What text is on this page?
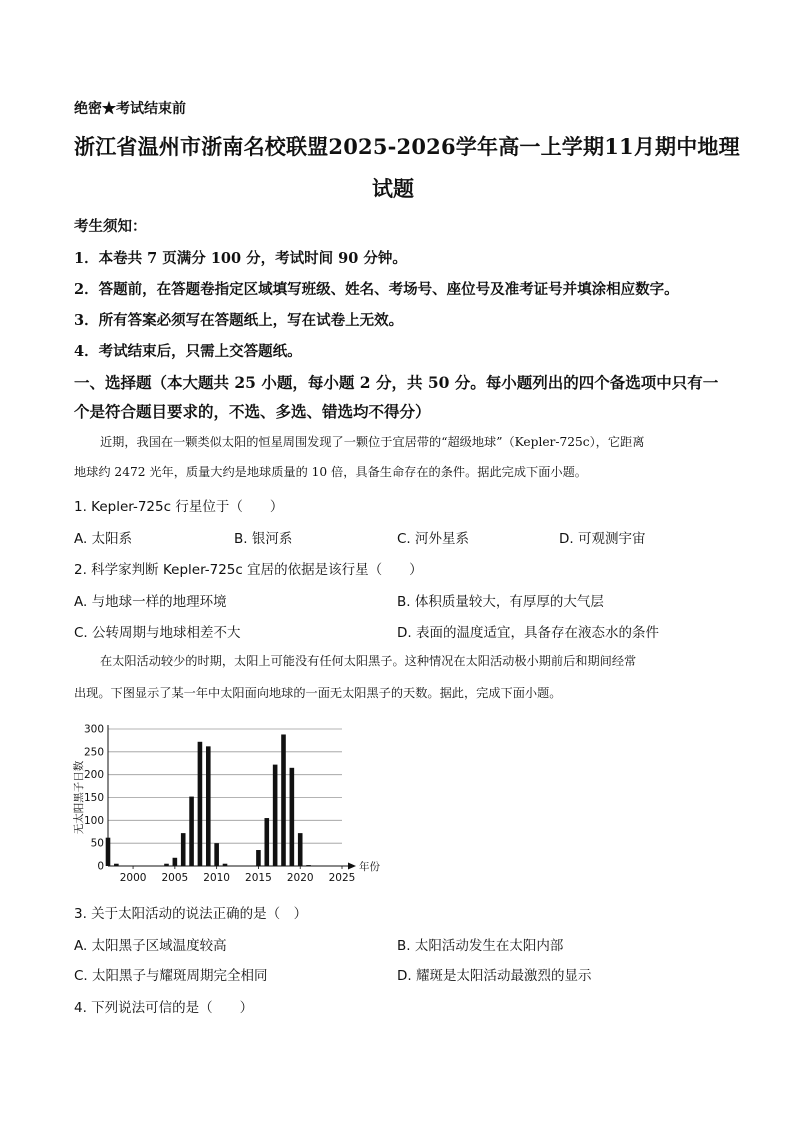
绝密★考试结束前
浙江省温州市浙南名校联盟2025-2026学年高一上学期11月期中地理
试题
考生须知：
1．本卷共 7 页满分 100 分，考试时间 90 分钟。
2．答题前，在答题卷指定区域填写班级、姓名、考场号、座位号及准考证号并填涂相应数字。
3．所有答案必须写在答题纸上，写在试卷上无效。
4．考试结束后，只需上交答题纸。
一、选择题（本大题共 25 小题，每小题 2 分，共 50 分。每小题列出的四个备选项中只有一
个是符合题目要求的，不选、多选、错选均不得分）
近期，我国在一颗类似太阳的恒星周围发现了一颗位于宜居带的“超级地球”（Kepler-725c），它距离
地球约 2472 光年，质量大约是地球质量的 10 倍，具备生命存在的条件。据此完成下面小题。
1. Kepler-725c 行星位于（　　）
A. 太阳系	B. 银河系	C. 河外星系	D. 可观测宇宙
2. 科学家判断 Kepler-725c 宜居的依据是该行星（　　）
A. 与地球一样的地理环境	B. 体积质量较大，有厚厚的大气层
C. 公转周期与地球相差不大	D. 表面的温度适宜，具备存在液态水的条件
在太阳活动较少的时期，太阳上可能没有任何太阳黑子。这种情况在太阳活动极小期前后和期间经常
出现。下图显示了某一年中太阳面向地球的一面无太阳黑子的天数。据此，完成下面小题。
0
50
100
150
200
250
300
2000 2005 2010 2015 2020 2025
年份
无太阳黑子日数
3. 关于太阳活动的说法正确的是（　）
A. 太阳黑子区域温度较高	B. 太阳活动发生在太阳内部
C. 太阳黑子与耀斑周期完全相同	D. 耀斑是太阳活动最激烈的显示
4. 下列说法可信的是（　　）
